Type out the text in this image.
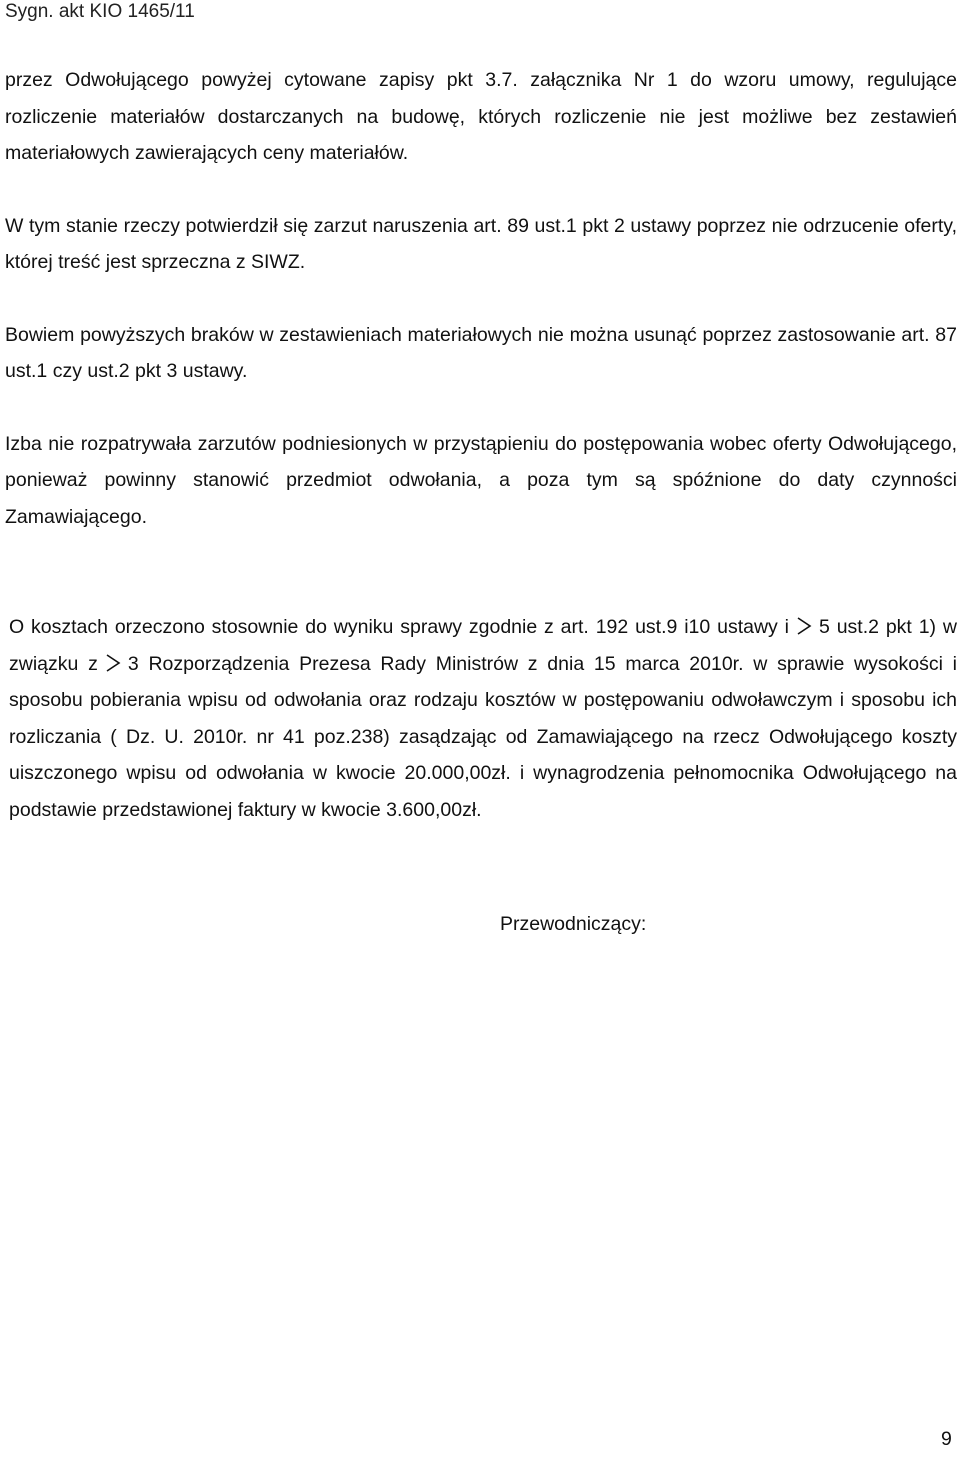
Sygn. akt KIO 1465/11

przez Odwołującego powyżej cytowane zapisy pkt 3.7. załącznika Nr 1 do wzoru umowy, regulujące rozliczenie materiałów dostarczanych na budowę, których rozliczenie nie jest możliwe bez zestawień materiałowych zawierających ceny materiałów.

W tym stanie rzeczy potwierdził się zarzut naruszenia art. 89 ust.1 pkt 2 ustawy poprzez nie odrzucenie oferty, której treść jest sprzeczna z SIWZ.

Bowiem powyższych braków w zestawieniach materiałowych nie można usunąć poprzez zastosowanie art. 87 ust.1 czy ust.2 pkt 3 ustawy.

Izba nie rozpatrywała zarzutów podniesionych w przystąpieniu do postępowania wobec oferty Odwołującego, ponieważ powinny stanowić przedmiot odwołania, a poza tym są spóźnione do daty czynności Zamawiającego.

O kosztach orzeczono stosownie do wyniku sprawy zgodnie z art. 192 ust.9 i10 ustawy i 5 ust.2 pkt 1) w związku z 3 Rozporządzenia Prezesa Rady Ministrów z dnia 15 marca 2010r. w sprawie wysokości i sposobu pobierania wpisu od odwołania oraz rodzaju kosztów w postępowaniu odwoławczym i sposobu ich rozliczania ( Dz. U. 2010r. nr 41 poz.238) zasądzając od Zamawiającego na rzecz Odwołującego koszty uiszczonego wpisu od odwołania w kwocie 20.000,00zł. i wynagrodzenia pełnomocnika Odwołującego na podstawie przedstawionej faktury w kwocie 3.600,00zł.

Przewodniczący:
9
